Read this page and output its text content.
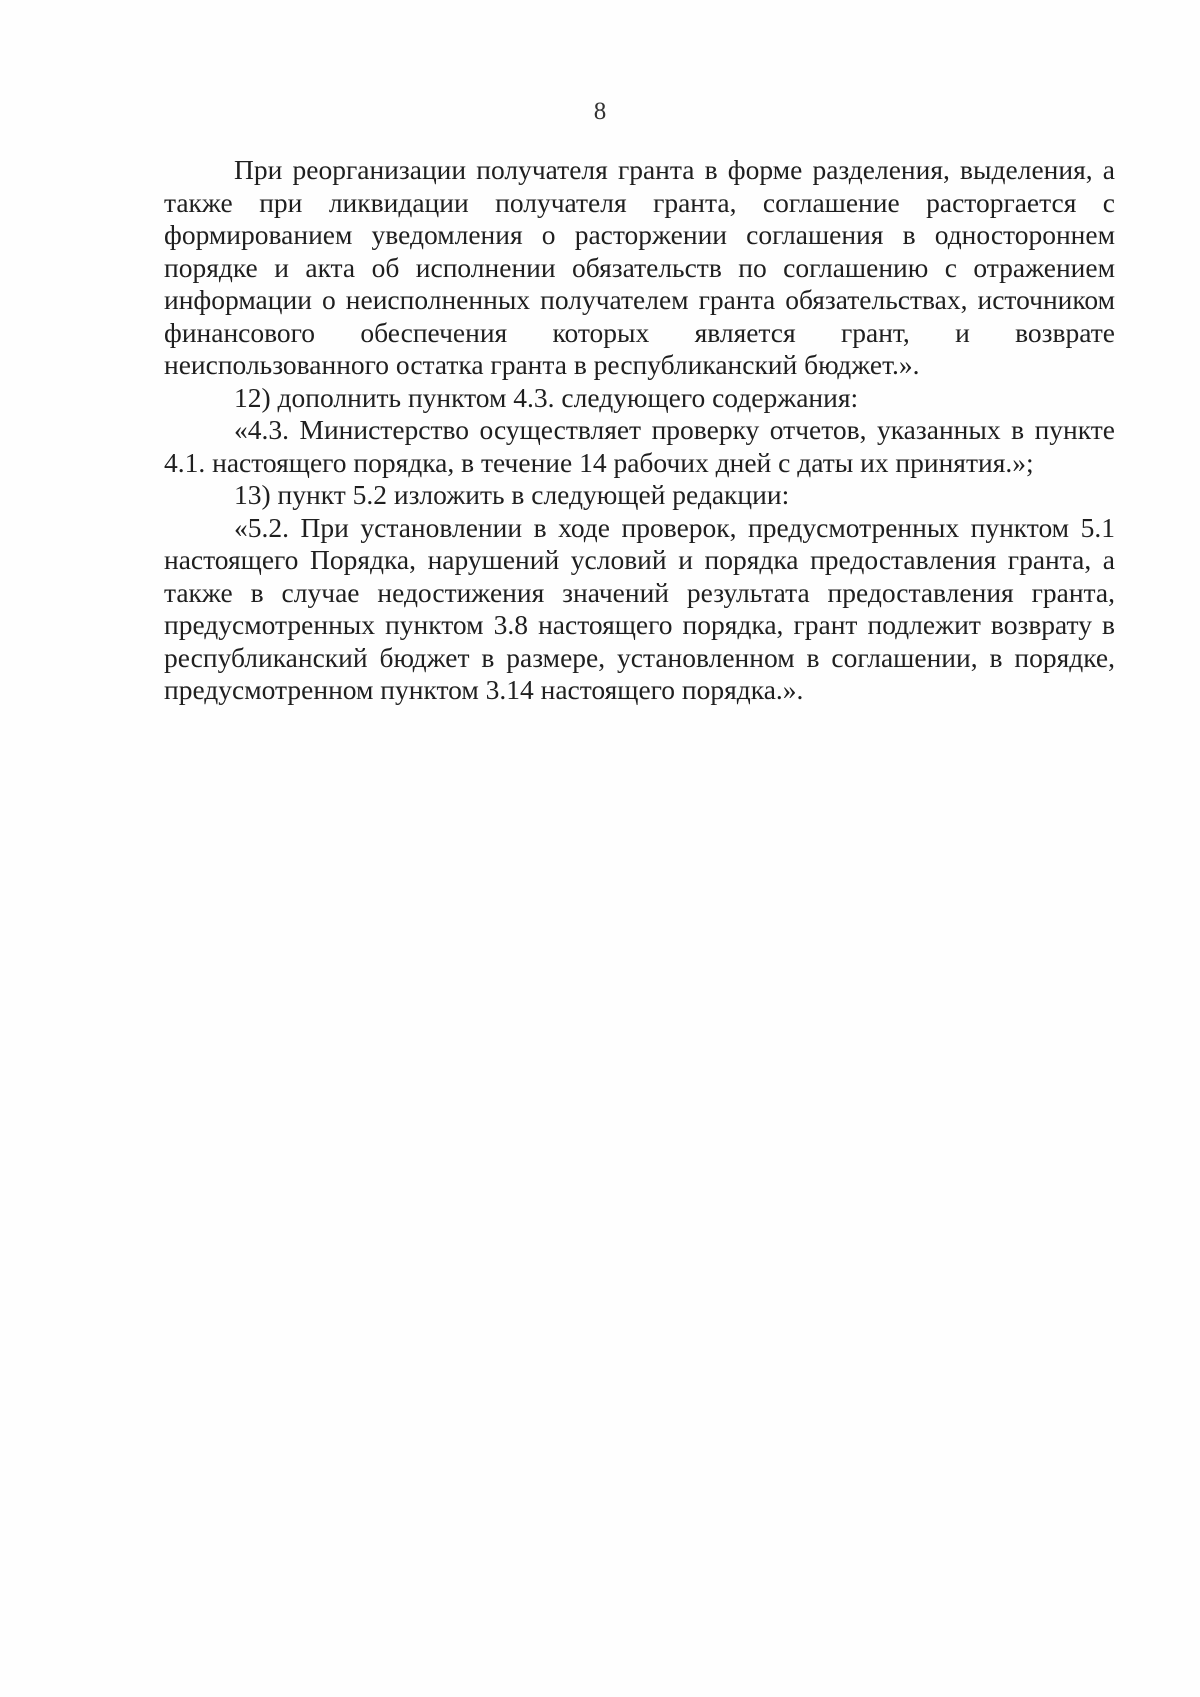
8

При реорганизации получателя гранта в форме разделения, выделения, а также при ликвидации получателя гранта, соглашение расторгается с формированием уведомления о расторжении соглашения в одностороннем порядке и акта об исполнении обязательств по соглашению с отражением информации о неисполненных получателем гранта обязательствах, источником финансового обеспечения которых является грант, и возврате неиспользованного остатка гранта в республиканский бюджет.».

12) дополнить пунктом 4.3. следующего содержания:

«4.3. Министерство осуществляет проверку отчетов, указанных в пункте 4.1. настоящего порядка, в течение 14 рабочих дней с даты их принятия.»;

13) пункт 5.2 изложить в следующей редакции:

«5.2. При установлении в ходе проверок, предусмотренных пунктом 5.1 настоящего Порядка, нарушений условий и порядка предоставления гранта, а также в случае недостижения значений результата предоставления гранта, предусмотренных пунктом 3.8 настоящего порядка, грант подлежит возврату в республиканский бюджет в размере, установленном в соглашении, в порядке, предусмотренном пунктом 3.14 настоящего порядка.».
